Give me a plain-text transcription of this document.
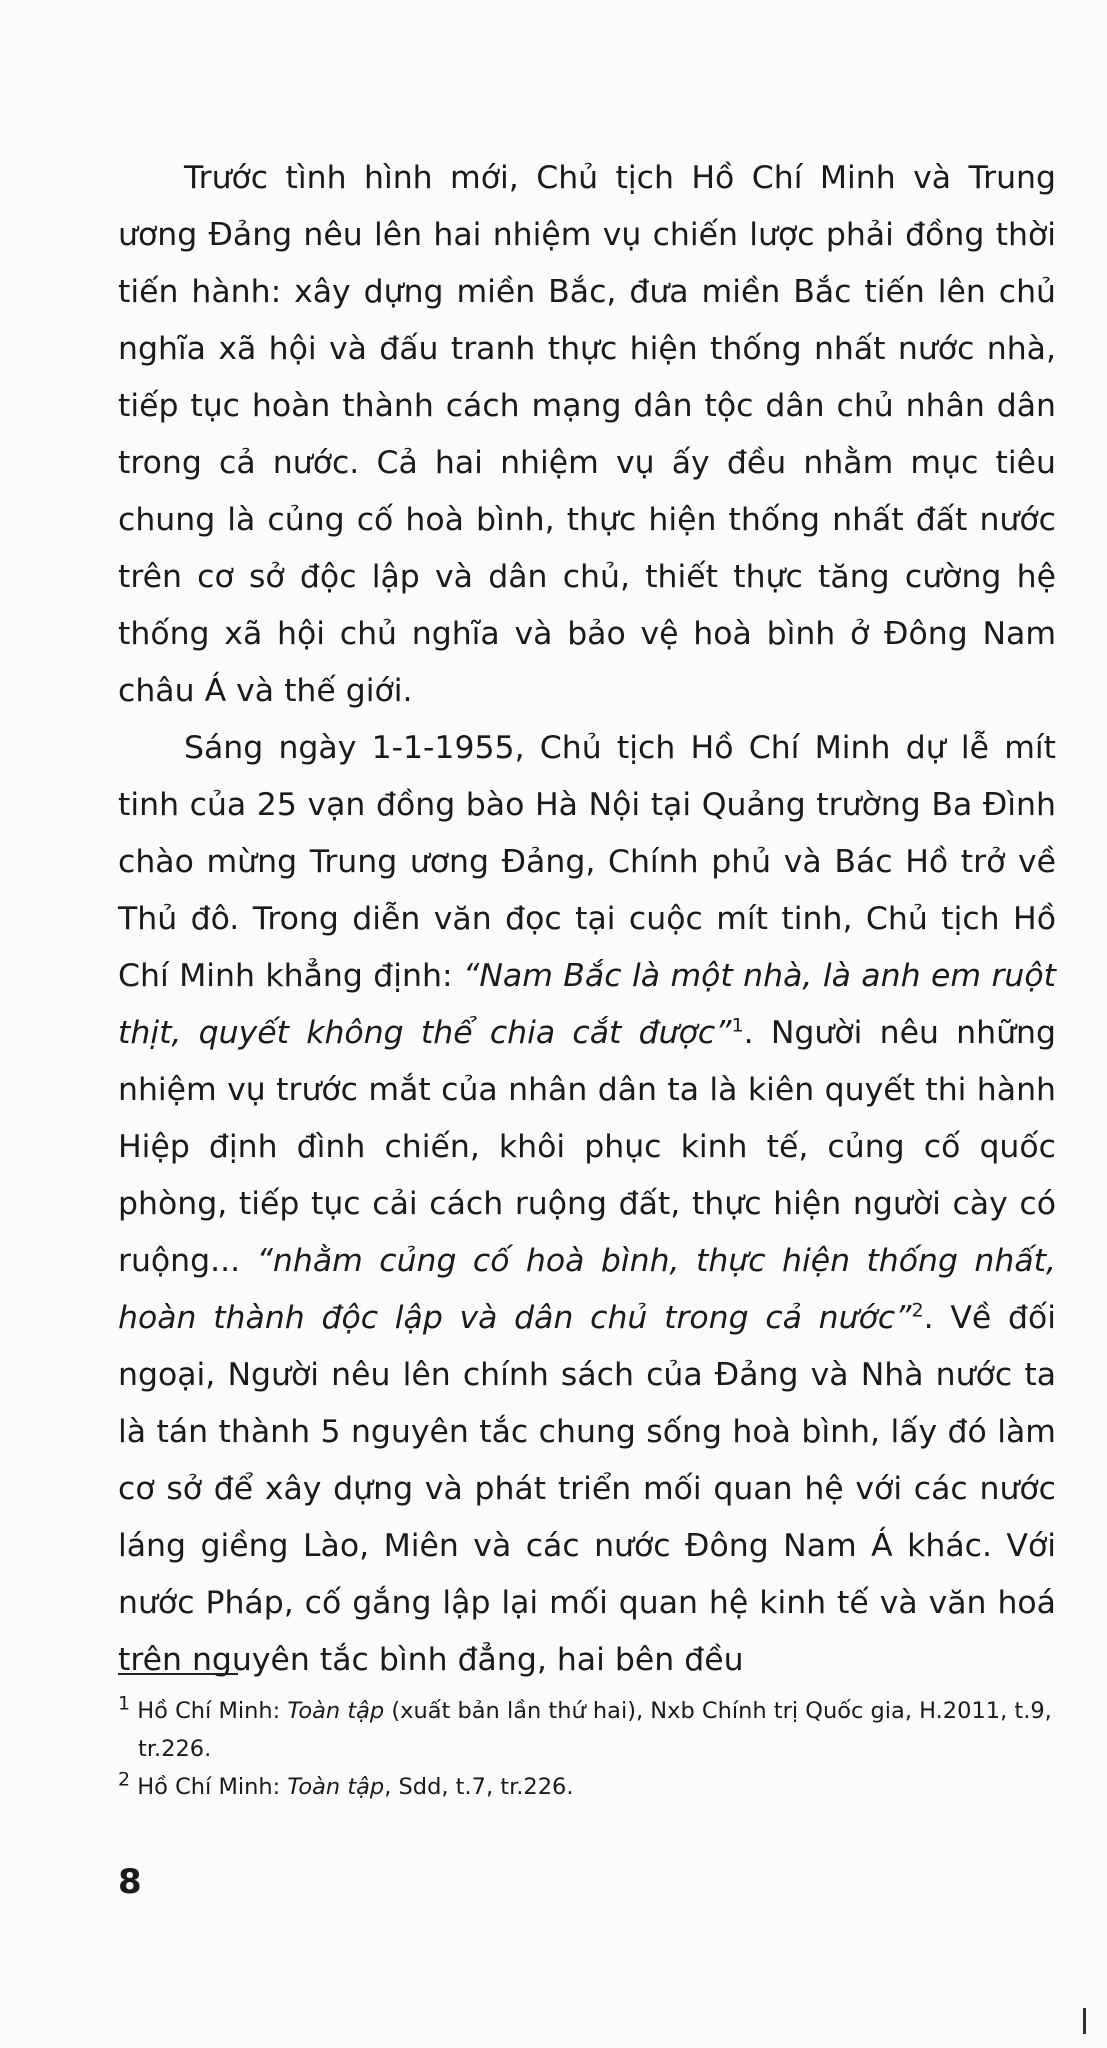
Trước tình hình mới, Chủ tịch Hồ Chí Minh và Trung ương Đảng nêu lên hai nhiệm vụ chiến lược phải đồng thời tiến hành: xây dựng miền Bắc, đưa miền Bắc tiến lên chủ nghĩa xã hội và đấu tranh thực hiện thống nhất nước nhà, tiếp tục hoàn thành cách mạng dân tộc dân chủ nhân dân trong cả nước. Cả hai nhiệm vụ ấy đều nhằm mục tiêu chung là củng cố hoà bình, thực hiện thống nhất đất nước trên cơ sở độc lập và dân chủ, thiết thực tăng cường hệ thống xã hội chủ nghĩa và bảo vệ hoà bình ở Đông Nam châu Á và thế giới.

Sáng ngày 1-1-1955, Chủ tịch Hồ Chí Minh dự lễ mít tinh của 25 vạn đồng bào Hà Nội tại Quảng trường Ba Đình chào mừng Trung ương Đảng, Chính phủ và Bác Hồ trở về Thủ đô. Trong diễn văn đọc tại cuộc mít tinh, Chủ tịch Hồ Chí Minh khẳng định: “Nam Bắc là một nhà, là anh em ruột thịt, quyết không thể chia cắt được”$^1$. Người nêu những nhiệm vụ trước mắt của nhân dân ta là kiên quyết thi hành Hiệp định đình chiến, khôi phục kinh tế, củng cố quốc phòng, tiếp tục cải cách ruộng đất, thực hiện người cày có ruộng... “nhằm củng cố hoà bình, thực hiện thống nhất, hoàn thành độc lập và dân chủ trong cả nước”$^2$. Về đối ngoại, Người nêu lên chính sách của Đảng và Nhà nước ta là tán thành 5 nguyên tắc chung sống hoà bình, lấy đó làm cơ sở để xây dựng và phát triển mối quan hệ với các nước láng giềng Lào, Miên và các nước Đông Nam Á khác. Với nước Pháp, cố gắng lập lại mối quan hệ kinh tế và văn hoá trên nguyên tắc bình đẳng, hai bên đều

$^1$ Hồ Chí Minh: Toàn tập (xuất bản lần thứ hai), Nxb Chính trị Quốc gia, H.2011, t.9, tr.226.

$^2$ Hồ Chí Minh: Toàn tập, Sdd, t.7, tr.226.

8
